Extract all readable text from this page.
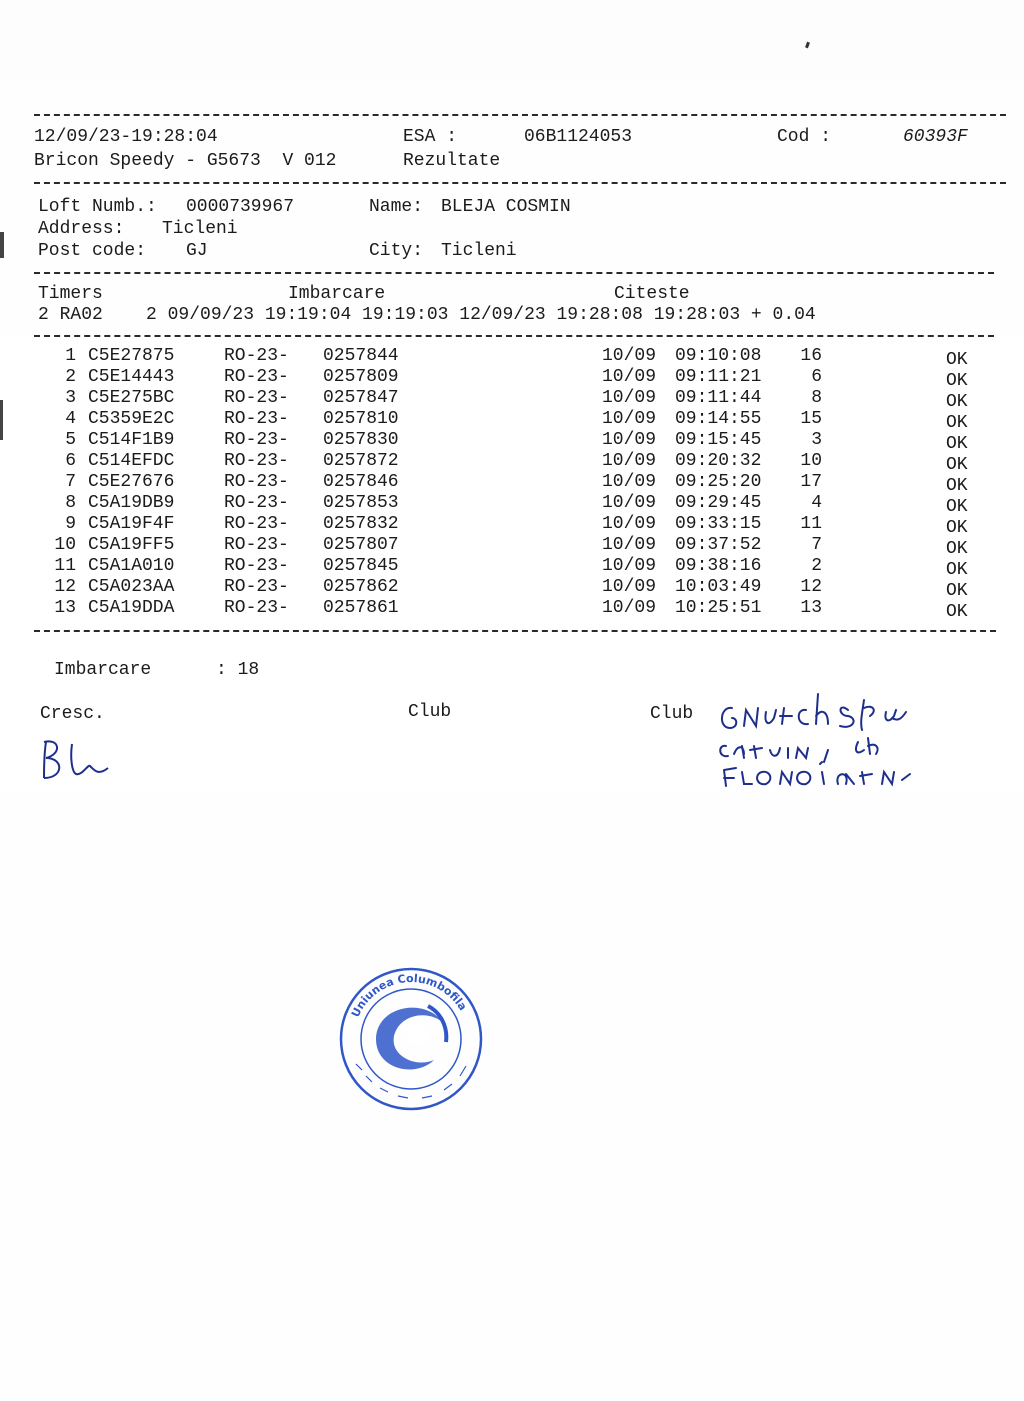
12/09/23-19:28:04	ESA :	06B1124053	Cod :	60393F
Bricon Speedy - G5673  V 012	Rezultate
Loft Numb.: 0000739967	Name: BLEJA COSMIN
Address: Ticleni
Post code: GJ	City: Ticleni
Timers	Imbarcare	Citeste
2 RA02    2 09/09/23 19:19:04 19:19:03 12/09/23 19:28:08 19:28:03 + 0.04
1 C5E27875	RO-23- 0257844	10/09 09:10:08	16	OK
2 C5E14443	RO-23- 0257809	10/09 09:11:21	6	OK
3 C5E275BC	RO-23- 0257847	10/09 09:11:44	8	OK
4 C5359E2C	RO-23- 0257810	10/09 09:14:55	15	OK
5 C514F1B9	RO-23- 0257830	10/09 09:15:45	3	OK
6 C514EFDC	RO-23- 0257872	10/09 09:20:32	10	OK
7 C5E27676	RO-23- 0257846	10/09 09:25:20	17	OK
8 C5A19DB9	RO-23- 0257853	10/09 09:29:45	4	OK
9 C5A19F4F	RO-23- 0257832	10/09 09:33:15	11	OK
10 C5A19FF5	RO-23- 0257807	10/09 09:37:52	7	OK
11 C5A1A010	RO-23- 0257845	10/09 09:38:16	2	OK
12 C5A023AA	RO-23- 0257862	10/09 10:03:49	12	OK
13 C5A19DDA	RO-23- 0257861	10/09 10:25:51	13	OK
Imbarcare	: 18
Cresc.	Club	Club
Uniunea Columbofila
